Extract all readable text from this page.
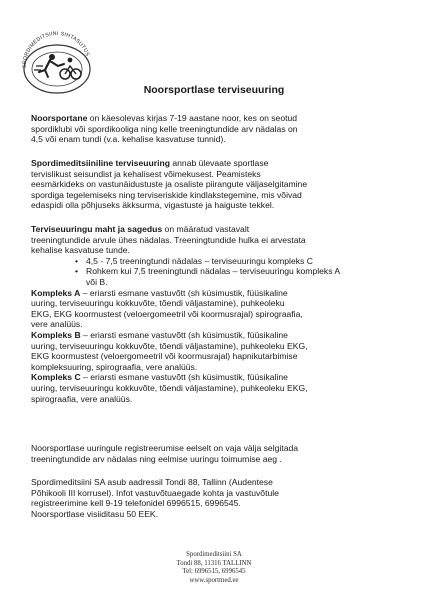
SPORDIMEDITSIINI SIHTASUTUS
Noorsportlase terviseuuring
Noorsportane on käesolevas kirjas 7-19 aastane noor, kes on seotud
spordiklubi või spordikooliga ning kelle treeningtundide arv nädalas on
4,5 või enam tundi (v.a. kehalise kasvatuse tunnid).
Spordimeditsiiniline terviseuuring annab ülevaate sportlase
tervislikust seisundist ja kehalisest võimekusest. Peamisteks
eesmärkideks on vastunäidustuste ja osaliste piirangute väljaselgitamine
spordiga tegelemiseks ning terviseriskide kindlakstegemine, mis võivad
edaspidi olla põhjuseks äkksurma, vigastuste ja haiguste tekkel.
Terviseuuringu maht ja sagedus on määratud vastavalt
treeningtundide arvule ühes nädalas. Treeningtundide hulka ei arvestata
kehalise kasvatuse tunde.
• 4,5 - 7,5 treeningtundi nädalas – terviseuuringu kompleks C
• Rohkem kui 7,5 treeningtundi nädalas – terviseuuringu kompleks A
või B.
Kompleks A – eriarsti esmane vastuvõtt (sh küsimustik, füüsikaline
uuring, terviseuuringu kokkuvõte, tõendi väljastamine), puhkeoleku
EKG, EKG koormustest (veloergomeetril või koormusrajal) spirograafia,
vere analüüs.
Kompleks B – eriarsti esmane vastuvõtt (sh küsimustik, füüsikaline
uuring, terviseuuringu kokkuvõte, tõendi väljastamine), puhkeoleku EKG,
EKG koormustest (veloergomeetril või koormusrajal) hapnikutarbimise
kompleksuuring, spirograafia, vere analüüs.
Kompleks C – eriarsti esmane vastuvõtt (sh küsimustik, füüsikaline
uuring, terviseuuringu kokkuvõte, tõendi väljastamine), puhkeoleku EKG,
spirograafia, vere analüüs.
Noorsportlase uuringule registreerumise eelselt on vaja välja selgitada
treeningtundide arv nädalas ning eelmise uuringu toimumise aeg .
Spordimeditsiini SA asub aadressil Tondi 88, Tallinn (Audentese
Põhikooli III korrusel). Infot vastuvõtuaegade kohta ja vastuvõtule
registreerimine kell 9-19 telefonidel 6996515, 6996545.
Noorsportlase visiiditasu 50 EEK.
Spordimeditsiini SA
Tondi 88, 11316 TALLINN
Tel: 6996515, 6996545
www.sportmed.ee
